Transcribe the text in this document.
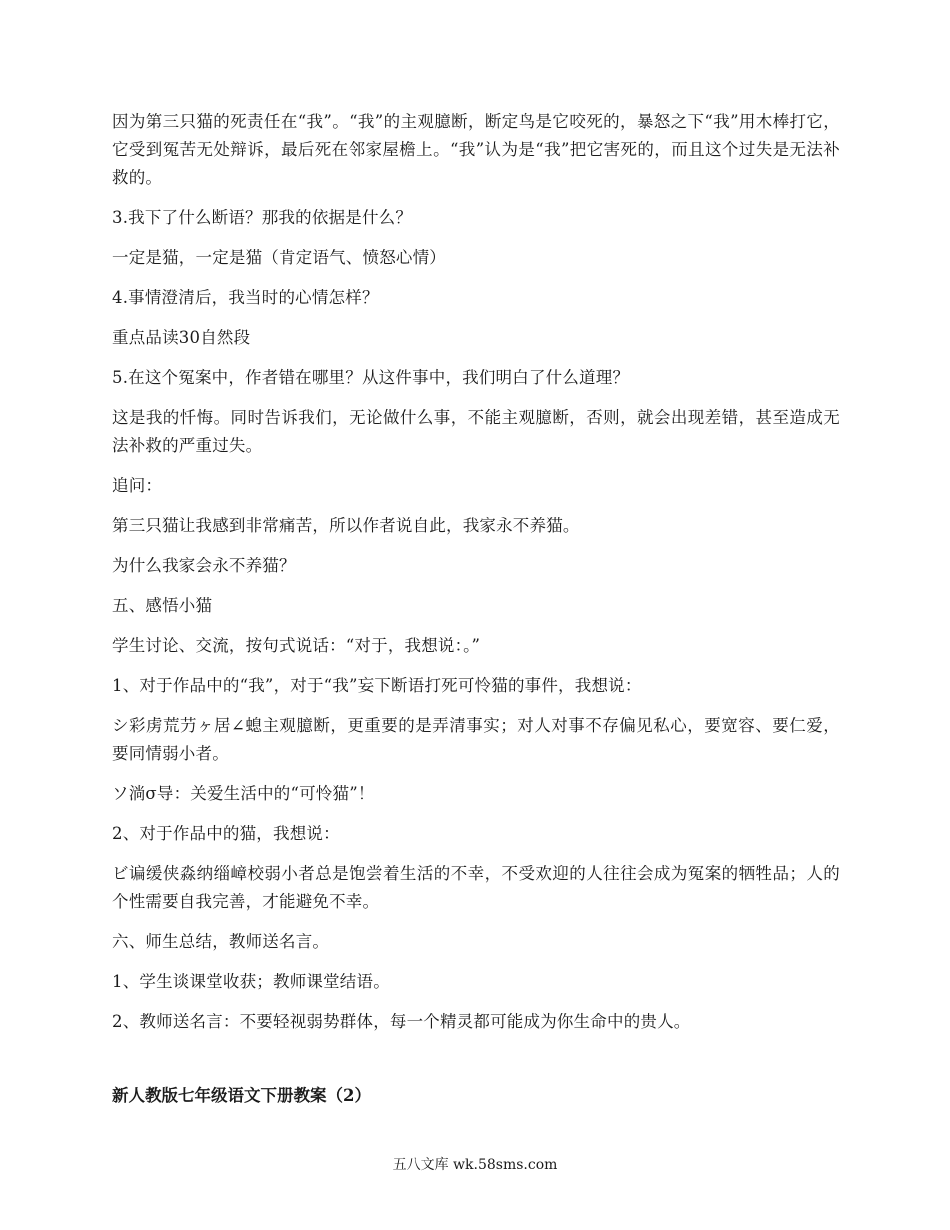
因为第三只猫的死责任在“我”。“我”的主观臆断，断定鸟是它咬死的，暴怒之下“我”用木棒打它，它受到冤苦无处辩诉，最后死在邻家屋檐上。“我”认为是“我”把它害死的，而且这个过失是无法补救的。

3.我下了什么断语？那我的依据是什么？

一定是猫，一定是猫（肯定语气、愤怒心情）

4.事情澄清后，我当时的心情怎样？

重点品读30自然段

5.在这个冤案中，作者错在哪里？从这件事中，我们明白了什么道理？

这是我的忏悔。同时告诉我们，无论做什么事，不能主观臆断，否则，就会出现差错，甚至造成无法补救的严重过失。

追问：

第三只猫让我感到非常痛苦，所以作者说自此，我家永不养猫。

为什么我家会永不养猫？

五、感悟小猫

学生讨论、交流，按句式说话：“对于，我想说：。”

1、对于作品中的“我”，对于“我”妄下断语打死可怜猫的事件，我想说：

シ彩虏荒芀ヶ居∠螅主观臆断，更重要的是弄清事实；对人对事不存偏见私心，要宽容、要仁爱，要同情弱小者。

ソ淌σ导：关爱生活中的“可怜猫”！

2、对于作品中的猫，我想说：

ビ谝缓侠淼纳缁嶂校弱小者总是饱尝着生活的不幸，不受欢迎的人往往会成为冤案的牺牲品；人的个性需要自我完善，才能避免不幸。

六、师生总结，教师送名言。

1、学生谈课堂收获；教师课堂结语。

2、教师送名言：不要轻视弱势群体，每一个精灵都可能成为你生命中的贵人。

新人教版七年级语文下册教案（2）

五八文库 wk.58sms.com
